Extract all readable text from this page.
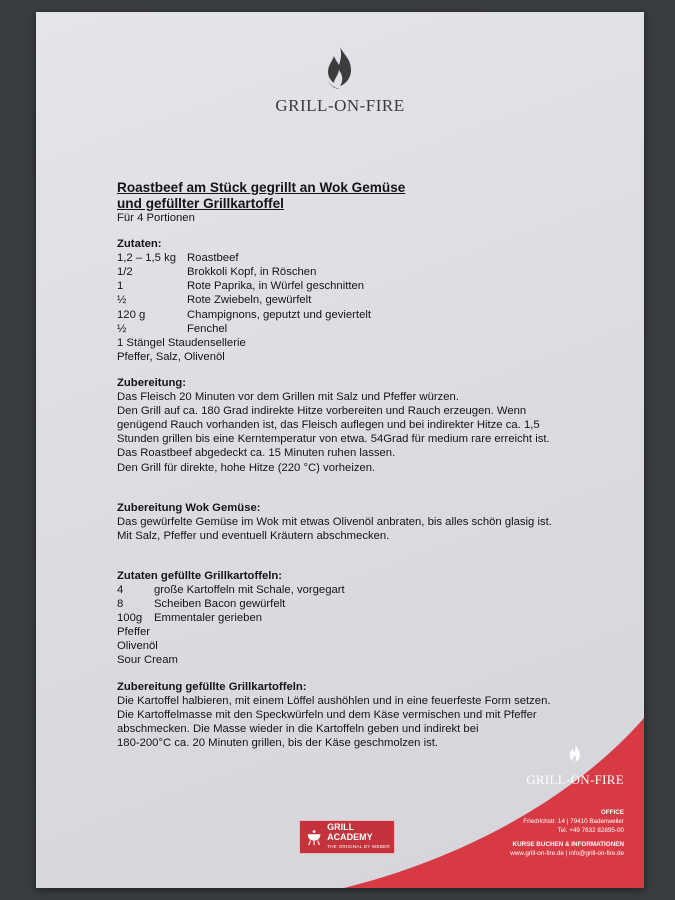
GRILL-ON-FIRE
Roastbeef am Stück gegrillt an Wok Gemüse
und gefüllter Grillkartoffel
Für 4 Portionen
Zutaten:
1,2 – 1,5 kg Roastbeef
1/2	Brokkoli Kopf, in Röschen
1	Rote Paprika, in Würfel geschnitten
½	Rote Zwiebeln, gewürfelt
120 g	Champignons, geputzt und geviertelt
½	Fenchel
1 Stängel Staudensellerie
Pfeffer, Salz, Olivenöl
Zubereitung:
Das Fleisch 20 Minuten vor dem Grillen mit Salz und Pfeffer würzen.
Den Grill auf ca. 180 Grad indirekte Hitze vorbereiten und Rauch erzeugen. Wenn
genügend Rauch vorhanden ist, das Fleisch auflegen und bei indirekter Hitze ca. 1,5
Stunden grillen bis eine Kerntemperatur von etwa. 54Grad für medium rare erreicht ist.
Das Roastbeef abgedeckt ca. 15 Minuten ruhen lassen.
Den Grill für direkte, hohe Hitze (220 °C) vorheizen.
Zubereitung Wok Gemüse:
Das gewürfelte Gemüse im Wok mit etwas Olivenöl anbraten, bis alles schön glasig ist.
Mit Salz, Pfeffer und eventuell Kräutern abschmecken.
Zutaten gefüllte Grillkartoffeln:
4	große Kartoffeln mit Schale, vorgegart
8	Scheiben Bacon gewürfelt
100g	Emmentaler gerieben
Pfeffer
Olivenöl
Sour Cream
Zubereitung gefüllte Grillkartoffeln:
Die Kartoffel halbieren, mit einem Löffel aushöhlen und in eine feuerfeste Form setzen.
Die Kartoffelmasse mit den Speckwürfeln und dem Käse vermischen und mit Pfeffer
abschmecken. Die Masse wieder in die Kartoffeln geben und indirekt bei
180-200°C ca. 20 Minuten grillen, bis der Käse geschmolzen ist.
GRILL-ON-FIRE
OFFICE
Friedrichstr. 14 | 79410 Badenweiler
Tel. +49 7632 82895-00
KURSE BUCHEN & INFORMATIONEN
www.grill-on-fire.de | info@grill-on-fire.de
GRILL ACADEMY
THE ORIGINAL BY WEBER
